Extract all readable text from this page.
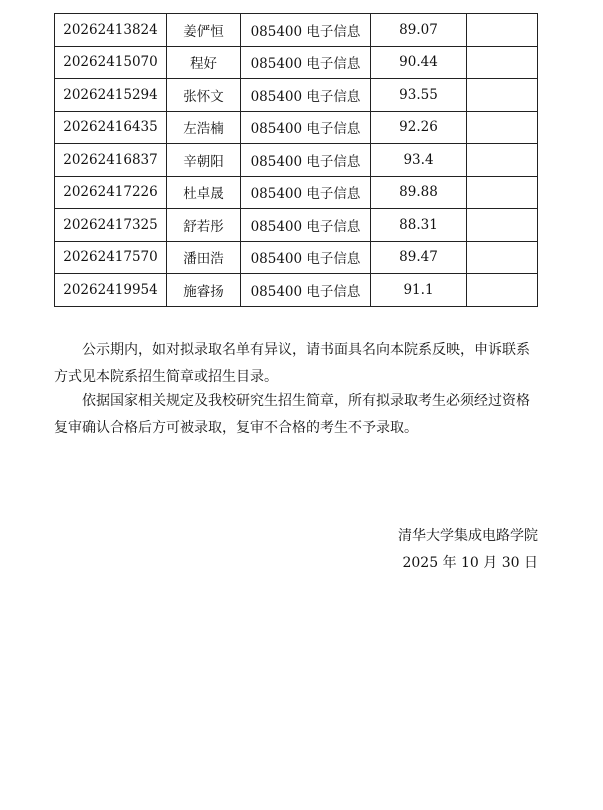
20262413824	姜俨恒	085400 电子信息	89.07	
20262415070	程好	085400 电子信息	90.44	
20262415294	张怀文	085400 电子信息	93.55	
20262416435	左浩楠	085400 电子信息	92.26	
20262416837	辛朝阳	085400 电子信息	93.4	
20262417226	杜卓晟	085400 电子信息	89.88	
20262417325	舒若彤	085400 电子信息	88.31	
20262417570	潘田浩	085400 电子信息	89.47	
20262419954	施睿扬	085400 电子信息	91.1	

公示期内，如对拟录取名单有异议，请书面具名向本院系反映，申诉联系方式见本院系招生简章或招生目录。

依据国家相关规定及我校研究生招生简章，所有拟录取考生必须经过资格复审确认合格后方可被录取，复审不合格的考生不予录取。

清华大学集成电路学院
2025 年 10 月 30 日
